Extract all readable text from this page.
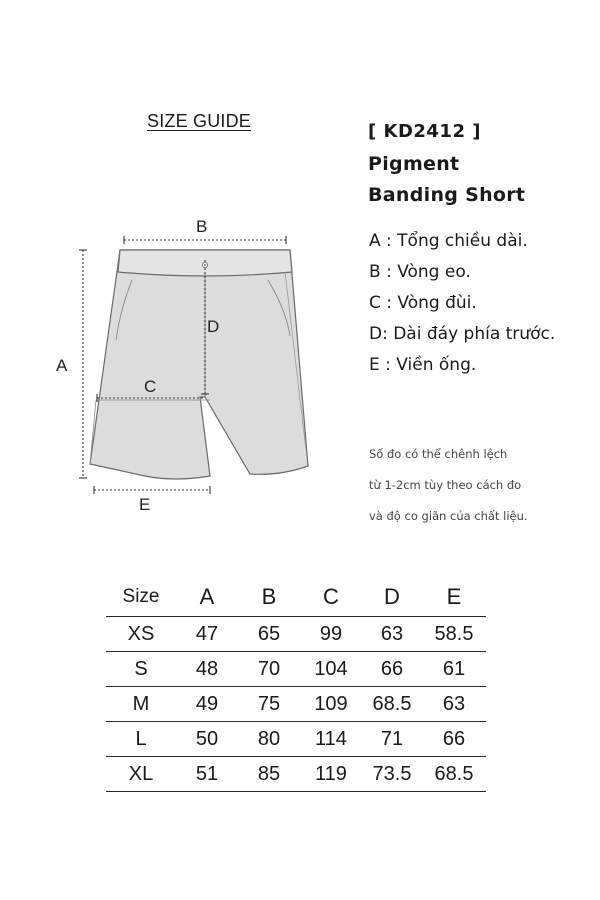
SIZE GUIDE	[ KD2412 ]
Pigment
Banding Short
A
B
C
D
E
A : Tổng chiều dài.
B : Vòng eo.
C : Vòng đùi.
D: Dài đáy phía trước.
E : Viền ống.
Số đo có thể chênh lệch
từ 1-2cm tùy theo cách đo
và độ co giãn của chất liệu.
Size	A	B	C	D	E
XS	47	65	99	63	58.5
S	48	70	104	66	61
M	49	75	109	68.5	63
L	50	80	114	71	66
XL	51	85	119	73.5	68.5
